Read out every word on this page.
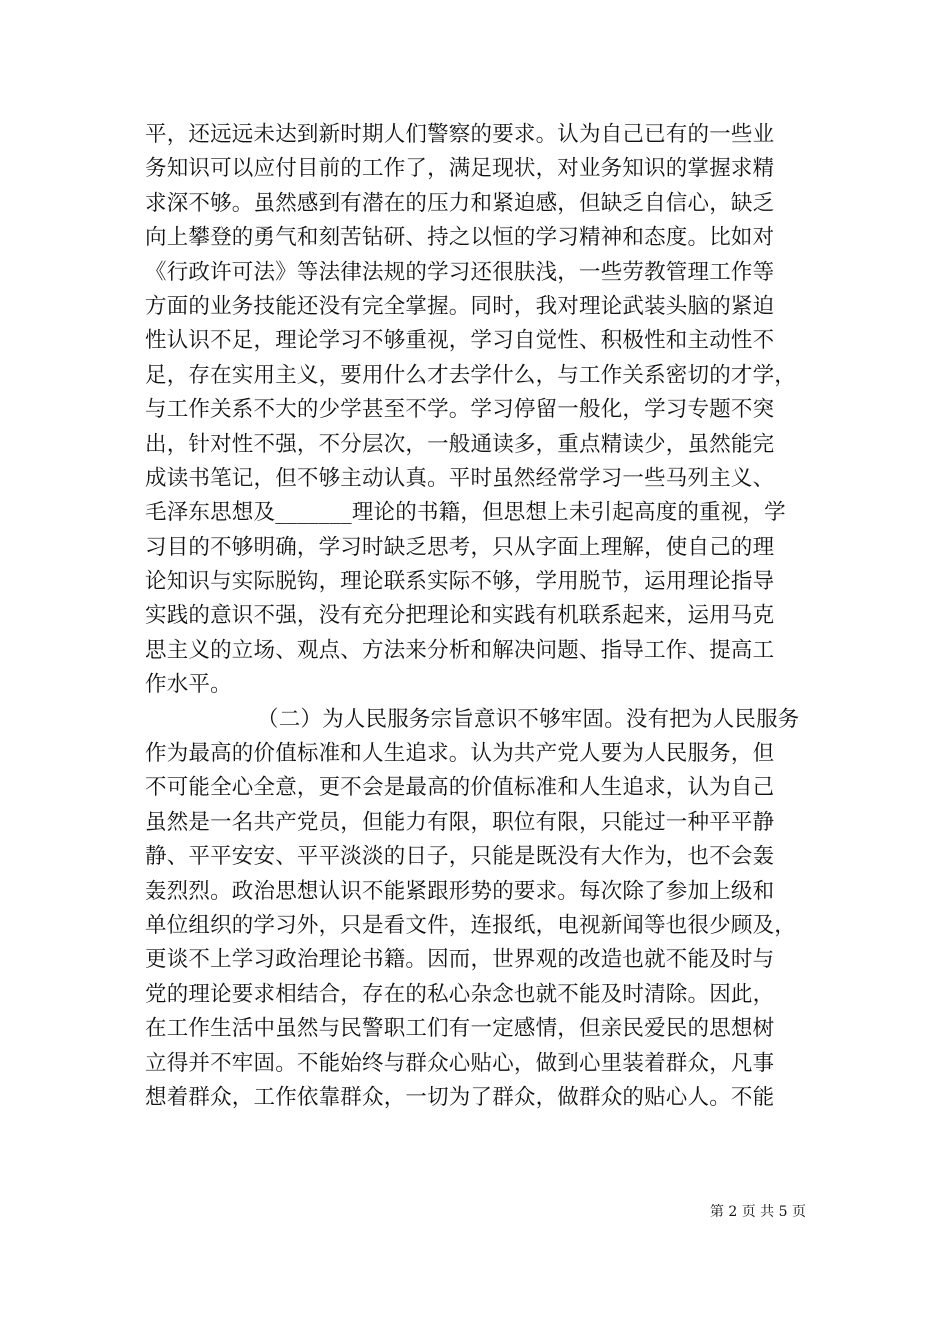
平，还远远未达到新时期人们警察的要求。认为自己已有的一些业
务知识可以应付目前的工作了，满足现状，对业务知识的掌握求精
求深不够。虽然感到有潜在的压力和紧迫感，但缺乏自信心，缺乏
向上攀登的勇气和刻苦钻研、持之以恒的学习精神和态度。比如对
《行政许可法》等法律法规的学习还很肤浅，一些劳教管理工作等
方面的业务技能还没有完全掌握。同时，我对理论武装头脑的紧迫
性认识不足，理论学习不够重视，学习自觉性、积极性和主动性不
足，存在实用主义，要用什么才去学什么，与工作关系密切的才学，
与工作关系不大的少学甚至不学。学习停留一般化，学习专题不突
出，针对性不强，不分层次，一般通读多，重点精读少，虽然能完
成读书笔记，但不够主动认真。平时虽然经常学习一些马列主义、
毛泽东思想及_______理论的书籍，但思想上未引起高度的重视，学
习目的不够明确，学习时缺乏思考，只从字面上理解，使自己的理
论知识与实际脱钩，理论联系实际不够，学用脱节，运用理论指导
实践的意识不强，没有充分把理论和实践有机联系起来，运用马克
思主义的立场、观点、方法来分析和解决问题、指导工作、提高工
作水平。
（二）为人民服务宗旨意识不够牢固。没有把为人民服务
作为最高的价值标准和人生追求。认为共产党人要为人民服务，但
不可能全心全意，更不会是最高的价值标准和人生追求，认为自己
虽然是一名共产党员，但能力有限，职位有限，只能过一种平平静
静、平平安安、平平淡淡的日子，只能是既没有大作为，也不会轰
轰烈烈。政治思想认识不能紧跟形势的要求。每次除了参加上级和
单位组织的学习外，只是看文件，连报纸，电视新闻等也很少顾及，
更谈不上学习政治理论书籍。因而，世界观的改造也就不能及时与
党的理论要求相结合，存在的私心杂念也就不能及时清除。因此，
在工作生活中虽然与民警职工们有一定感情，但亲民爱民的思想树
立得并不牢固。不能始终与群众心贴心，做到心里装着群众，凡事
想着群众，工作依靠群众，一切为了群众，做群众的贴心人。不能
第 2 页 共 5 页
